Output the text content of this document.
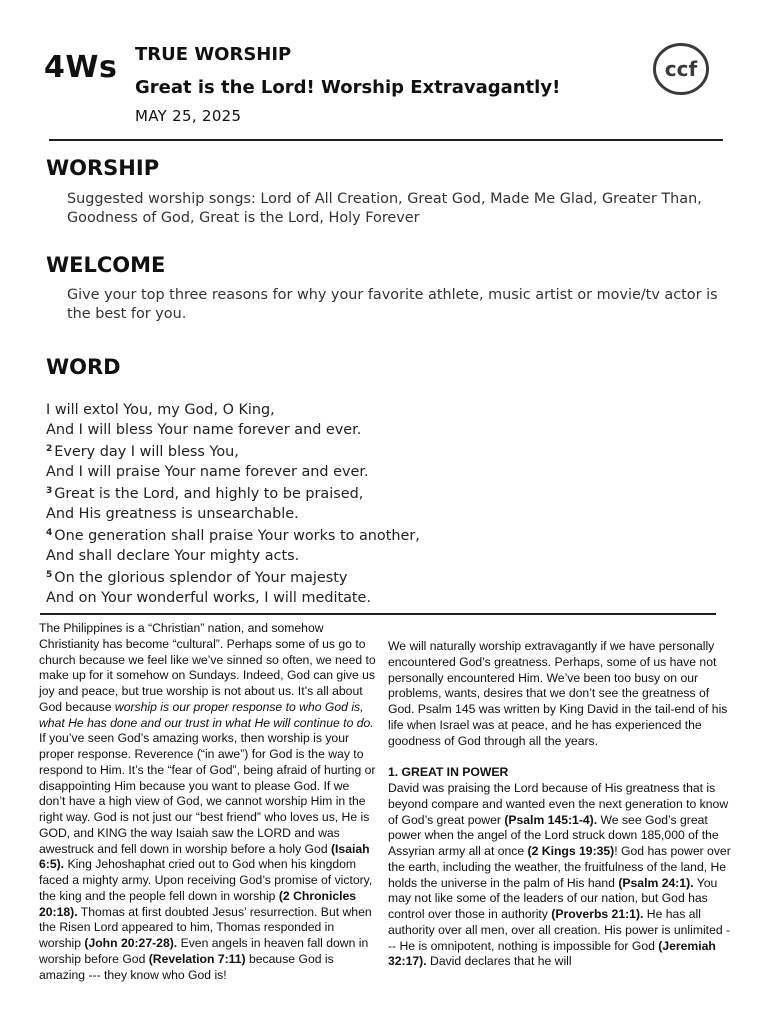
4Ws TRUE WORSHIP
Great is the Lord! Worship Extravagantly!
MAY 25, 2025
ccf
WORSHIP
Suggested worship songs: Lord of All Creation, Great God, Made Me Glad, Greater Than, Goodness of God, Great is the Lord, Holy Forever
WELCOME
Give your top three reasons for why your favorite athlete, music artist or movie/tv actor is the best for you.
WORD
I will extol You, my God, O King,
And I will bless Your name forever and ever.
$^2$ Every day I will bless You,
And I will praise Your name forever and ever.
$^3$ Great is the Lord, and highly to be praised,
And His greatness is unsearchable.
$^4$ One generation shall praise Your works to another,
And shall declare Your mighty acts.
$^5$ On the glorious splendor of Your majesty
And on Your wonderful works, I will meditate.

The Philippines is a “Christian” nation, and somehow Christianity has become “cultural”. Perhaps some of us go to church because we feel like we’ve sinned so often, we need to make up for it somehow on Sundays. Indeed, God can give us joy and peace, but true worship is not about us. It’s all about God because worship is our proper response to who God is, what He has done and our trust in what He will continue to do. If you’ve seen God’s amazing works, then worship is your proper response. Reverence (“in awe”) for God is the way to respond to Him. It’s the “fear of God”, being afraid of hurting or disappointing Him because you want to please God. If we don’t have a high view of God, we cannot worship Him in the right way. God is not just our “best friend” who loves us, He is GOD, and KING the way Isaiah saw the LORD and was awestruck and fell down in worship before a holy God (Isaiah 6:5). King Jehoshaphat cried out to God when his kingdom faced a mighty army. Upon receiving God’s promise of victory, the king and the people fell down in worship (2 Chronicles 20:18). Thomas at first doubted Jesus’ resurrection. But when the Risen Lord appeared to him, Thomas responded in worship (John 20:27-28). Even angels in heaven fall down in worship before God (Revelation 7:11) because God is amazing --- they know who God is!

We will naturally worship extravagantly if we have personally encountered God’s greatness. Perhaps, some of us have not personally encountered Him. We’ve been too busy on our problems, wants, desires that we don’t see the greatness of God. Psalm 145 was written by King David in the tail-end of his life when Israel was at peace, and he has experienced the goodness of God through all the years.

1. GREAT IN POWER

David was praising the Lord because of His greatness that is beyond compare and wanted even the next generation to know of God’s great power (Psalm 145:1-4). We see God’s great power when the angel of the Lord struck down 185,000 of the Assyrian army all at once (2 Kings 19:35)! God has power over the earth, including the weather, the fruitfulness of the land, He holds the universe in the palm of His hand (Psalm 24:1). You may not like some of the leaders of our nation, but God has control over those in authority (Proverbs 21:1). He has all authority over all men, over all creation. His power is unlimited --- He is omnipotent, nothing is impossible for God (Jeremiah 32:17). David declares that he will
